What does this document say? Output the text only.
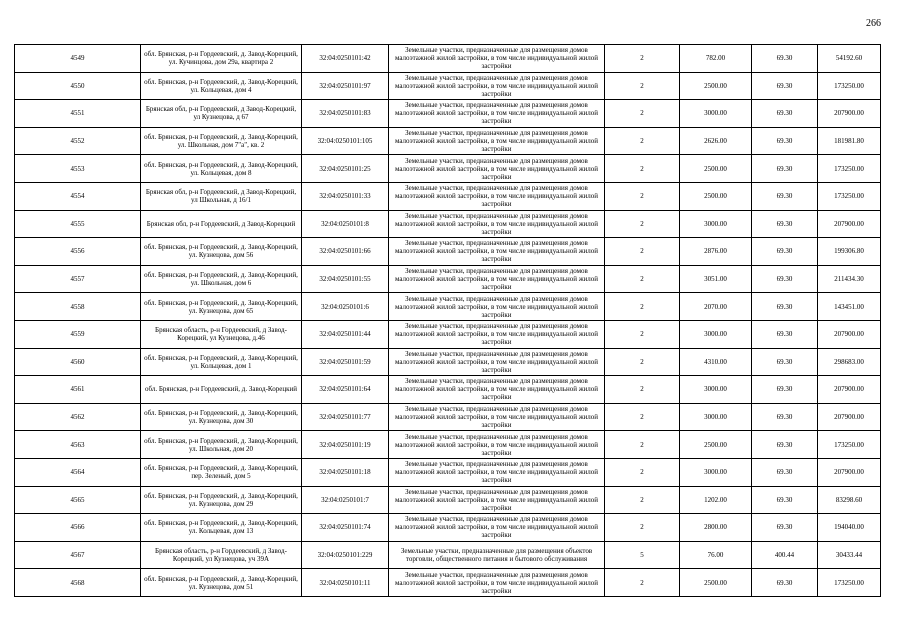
266
4549	обл. Брянская, р-н Гордеевский, д. Завод-Корецкий, ул. Кучинцова, дом 29а, квартира 2	32:04:0250101:42	Земельные участки, предназначенные для размещения домов малоэтажной жилой застройки, в том числе индивидуальной жилой застройки	2	782.00	69.30	54192.60
4550	обл. Брянская, р-н Гордеевский, д. Завод-Корецкий, ул. Кольцевая, дом 4	32:04:0250101:97	Земельные участки, предназначенные для размещения домов малоэтажной жилой застройки, в том числе индивидуальной жилой застройки	2	2500.00	69.30	173250.00
4551	Брянская обл, р-н Гордеевский, д Завод-Корецкий, ул Кузнецова, д 67	32:04:0250101:83	Земельные участки, предназначенные для размещения домов малоэтажной жилой застройки, в том числе индивидуальной жилой застройки	2	3000.00	69.30	207900.00
4552	обл. Брянская, р-н Гордеевский, д. Завод-Корецкий, ул. Школьная, дом 7"а", кв. 2	32:04:0250101:105	Земельные участки, предназначенные для размещения домов малоэтажной жилой застройки, в том числе индивидуальной жилой застройки	2	2626.00	69.30	181981.80
4553	обл. Брянская, р-н Гордеевский, д. Завод-Корецкий, ул. Кольцевая, дом 8	32:04:0250101:25	Земельные участки, предназначенные для размещения домов малоэтажной жилой застройки, в том числе индивидуальной жилой застройки	2	2500.00	69.30	173250.00
4554	Брянская обл, р-н Гордеевский, д Завод-Корецкий, ул Школьная, д 16/1	32:04:0250101:33	Земельные участки, предназначенные для размещения домов малоэтажной жилой застройки, в том числе индивидуальной жилой застройки	2	2500.00	69.30	173250.00
4555	Брянская обл, р-н Гордеевский, д Завод-Корецкий	32:04:0250101:8	Земельные участки, предназначенные для размещения домов малоэтажной жилой застройки, в том числе индивидуальной жилой застройки	2	3000.00	69.30	207900.00
4556	обл. Брянская, р-н Гордеевский, д. Завод-Корецкий, ул. Кузнецова, дом 56	32:04:0250101:66	Земельные участки, предназначенные для размещения домов малоэтажной жилой застройки, в том числе индивидуальной жилой застройки	2	2876.00	69.30	199306.80
4557	обл. Брянская, р-н Гордеевский, д. Завод-Корецкий, ул. Школьная, дом 6	32:04:0250101:55	Земельные участки, предназначенные для размещения домов малоэтажной жилой застройки, в том числе индивидуальной жилой застройки	2	3051.00	69.30	211434.30
4558	обл. Брянская, р-н Гордеевский, д. Завод-Корецкий, ул. Кузнецова, дом 65	32:04:0250101:6	Земельные участки, предназначенные для размещения домов малоэтажной жилой застройки, в том числе индивидуальной жилой застройки	2	2070.00	69.30	143451.00
4559	Брянская область, р-н Гордеевский, д Завод-Корецкий, ул Кузнецова, д.46	32:04:0250101:44	Земельные участки, предназначенные для размещения домов малоэтажной жилой застройки, в том числе индивидуальной жилой застройки	2	3000.00	69.30	207900.00
4560	обл. Брянская, р-н Гордеевский, д. Завод-Корецкий, ул. Кольцевая, дом 1	32:04:0250101:59	Земельные участки, предназначенные для размещения домов малоэтажной жилой застройки, в том числе индивидуальной жилой застройки	2	4310.00	69.30	298683.00
4561	обл. Брянская, р-н Гордеевский, д. Завод-Корецкий	32:04:0250101:64	Земельные участки, предназначенные для размещения домов малоэтажной жилой застройки, в том числе индивидуальной жилой застройки	2	3000.00	69.30	207900.00
4562	обл. Брянская, р-н Гордеевский, д. Завод-Корецкий, ул. Кузнецова, дом 30	32:04:0250101:77	Земельные участки, предназначенные для размещения домов малоэтажной жилой застройки, в том числе индивидуальной жилой застройки	2	3000.00	69.30	207900.00
4563	обл. Брянская, р-н Гордеевский, д. Завод-Корецкий, ул. Школьная, дом 20	32:04:0250101:19	Земельные участки, предназначенные для размещения домов малоэтажной жилой застройки, в том числе индивидуальной жилой застройки	2	2500.00	69.30	173250.00
4564	обл. Брянская, р-н Гордеевский, д. Завод-Корецкий, пер. Зеленый, дом 5	32:04:0250101:18	Земельные участки, предназначенные для размещения домов малоэтажной жилой застройки, в том числе индивидуальной жилой застройки	2	3000.00	69.30	207900.00
4565	обл. Брянская, р-н Гордеевский, д. Завод-Корецкий, ул. Кузнецова, дом 29	32:04:0250101:7	Земельные участки, предназначенные для размещения домов малоэтажной жилой застройки, в том числе индивидуальной жилой застройки	2	1202.00	69.30	83298.60
4566	обл. Брянская, р-н Гордеевский, д. Завод-Корецкий, ул. Кольцевая, дом 13	32:04:0250101:74	Земельные участки, предназначенные для размещения домов малоэтажной жилой застройки, в том числе индивидуальной жилой застройки	2	2800.00	69.30	194040.00
4567	Брянская область, р-н Гордеевский, д Завод-Корецкий, ул Кузнецова, уч 39А	32:04:0250101:229	Земельные участки, предназначенные для размещения объектов торговли, общественного питания и бытового обслуживания	5	76.00	400.44	30433.44
4568	обл. Брянская, р-н Гордеевский, д. Завод-Корецкий, ул. Кузнецова, дом 51	32:04:0250101:11	Земельные участки, предназначенные для размещения домов малоэтажной жилой застройки, в том числе индивидуальной жилой застройки	2	2500.00	69.30	173250.00
